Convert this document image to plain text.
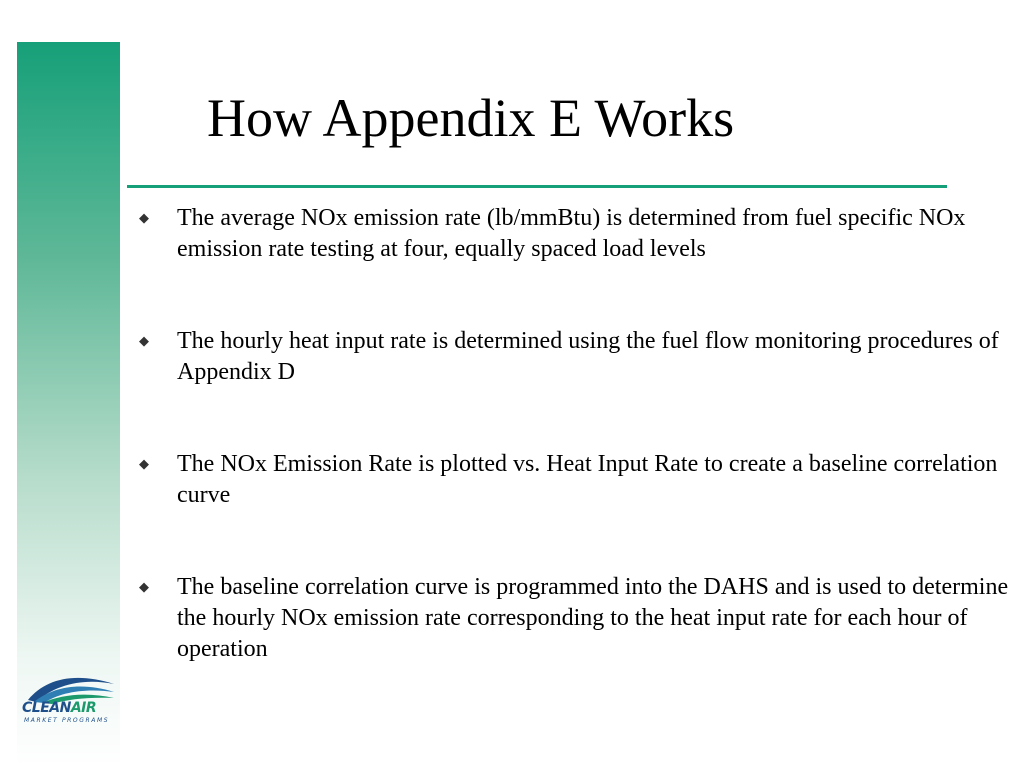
How Appendix E Works
◆ The average NOx emission rate (lb/mmBtu) is determined from fuel specific NOx emission rate testing at four, equally spaced load levels
◆ The hourly heat input rate is determined using the fuel flow monitoring procedures of Appendix D
◆ The NOx Emission Rate is plotted vs. Heat Input Rate to create a baseline correlation curve
◆ The baseline correlation curve is programmed into the DAHS and is used to determine the hourly NOx emission rate corresponding to the heat input rate for each hour of operation
CLEANAIR
MARKET PROGRAMS
